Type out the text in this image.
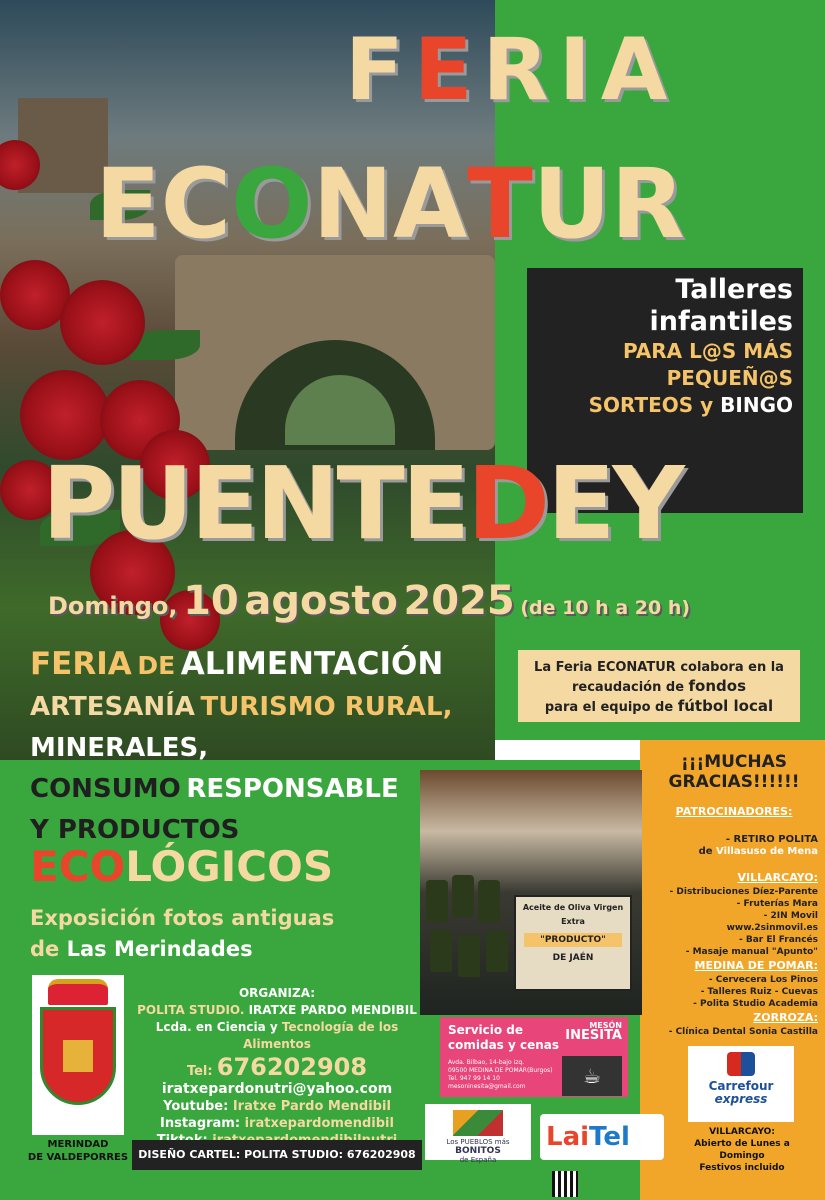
FERIA
ECONATUR
Talleres
infantiles
PARA L@S MÁS
PEQUEÑ@S
SORTEOS y BINGO
PUENTEDEY
Domingo, 10 agosto 2025 (de 10 h a 20 h)
FERIA DE ALIMENTACIÓN
ARTESANÍA TURISMO RURAL,
MINERALES,
La Feria ECONATUR colabora en la
recaudación de fondos
para el equipo de fútbol local
CONSUMO RESPONSABLE
Y PRODUCTOS
ECOLÓGICOS
Exposición fotos antiguas
de Las Merindades
MERINDAD
DE VALDEPORRES
ORGANIZA:
POLITA STUDIO. IRATXE PARDO MENDIBIL
Lcda. en Ciencia y Tecnología de los Alimentos
Tel: 676202908
iratxepardonutri@yahoo.com
Youtube: Iratxe Pardo Mendibil
Instagram: iratxepardomendibil
DISEÑO CARTEL: POLITA STUDIO: 676202908
Aceite de Oliva Virgen Extra
"PRODUCTO"
DE JAÉN
Servicio de
comidas y cenas
MESÓN
INESITA
Avda. Bilbao, 14-bajo izq.
09500 MEDINA DE POMAR(Burgos)
Tel. 947 99 14 10
mesoninesita@gmail.com	☕
Los PUEBLOS más
BONITOS
de España
LaiTel
¡¡¡MUCHAS
GRACIAS!!!!!!
PATROCINADORES:
- RETIRO POLITA
de Villasuso de Mena
VILLARCAYO:
- Distribuciones Díez-Parente
- Fruterías Mara
- 2IN Movil
www.2sinmovil.es
- Bar El Francés
- Masaje manual "Apunto"
MEDINA DE POMAR:
- Cervecera Los Pinos
- Talleres Ruiz - Cuevas
- Polita Studio Academia
ZORROZA:
- Clínica Dental Sonia Castilla
Carrefour
express
VILLARCAYO:
Abierto de Lunes a Domingo
Festivos incluido
